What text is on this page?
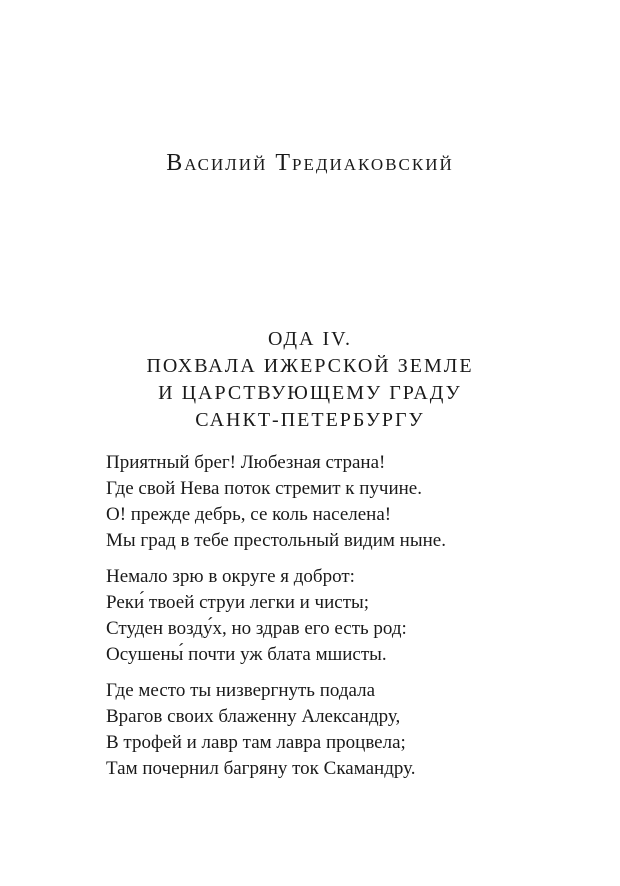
Василий Тредиаковский
ОДА IV.
ПОХВАЛА ИЖЕРСКОЙ ЗЕМЛЕ
И ЦАРСТВУЮЩЕМУ ГРАДУ
САНКТ-ПЕТЕРБУРГУ
Приятный брег! Любезная страна!
Где свой Нева поток стремит к пучине.
О! прежде дебрь, се коль населена!
Мы град в тебе престольный видим ныне.
Немало зрю в округе я доброт:
Реки́ твоей струи легки и чисты;
Студен возду́х, но здрав его есть род:
Осушены́ почти уж блата мшисты.
Где место ты низвергнуть подала
Врагов своих блаженну Александру,
В трофей и лавр там лавра процвела;
Там почернил багряну ток Скамандру.
